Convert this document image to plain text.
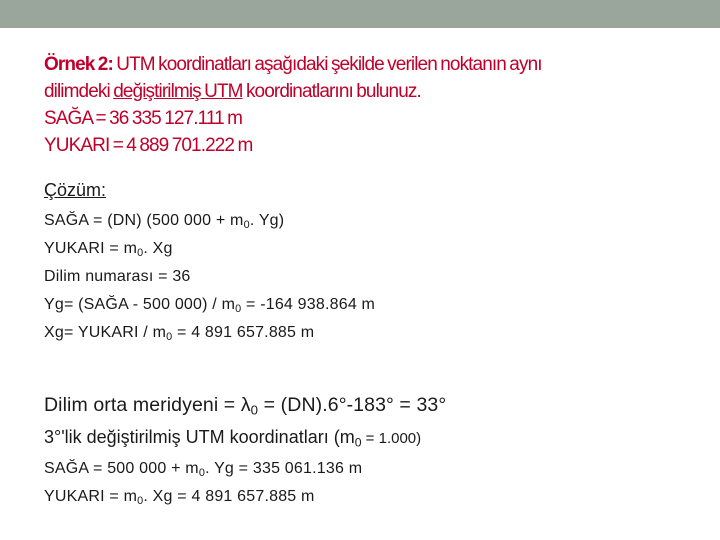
Örnek 2: UTM koordinatları aşağıdaki şekilde verilen noktanın aynı
dilimdeki değiştirilmiş UTM koordinatlarını bulunuz.
SAĞA = 36 335 127.111 m
YUKARI = 4 889 701.222 m
Çözüm:
SAĞA = (DN) (500 $000 + m_0$. Yg)
YUKARI = $m_0$. Xg
Dilim numarası = 36
Yg= (SAĞA - 500 $000) / m_0 = -164$ 938.864 m
Xg= YUKARI / $m_0 = 4$ 891 657.885 m
Dilim orta meridyeni = $\lambda_0 = (DN).6^\circ-183^\circ = 33^\circ$
3°'lik değiştirilmiş UTM koordinatları $(m_0 = 1.000)$
SAĞA = 500 $000 + m_0$. Yg = 335 061.136 m
YUKARI = $m_0$. Xg = 4 891 657.885 m
